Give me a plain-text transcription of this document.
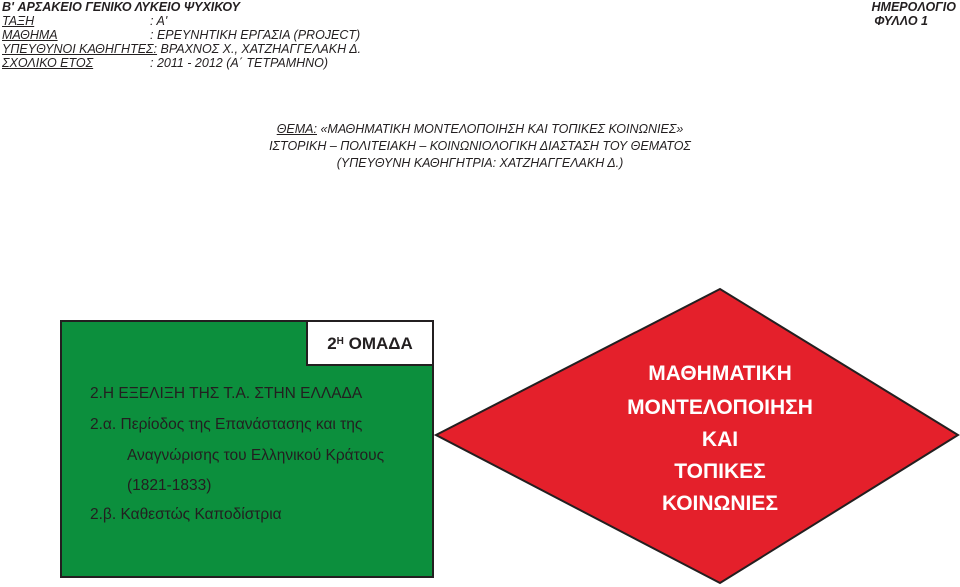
B' ΑΡΣΑΚΕΙΟ ΓΕΝΙΚΟ ΛΥΚΕΙΟ ΨΥΧΙΚΟΥ
ΤΑΞΗ	: A'
ΜΑΘΗΜΑ	: ΕΡΕΥΝΗΤΙΚΗ ΕΡΓΑΣΙΑ (PROJECT)
ΥΠΕΥΘΥΝΟΙ ΚΑΘΗΓΗΤΕΣ: ΒΡΑΧΝΟΣ Χ., ΧΑΤΖΗΑΓΓΕΛΑΚΗ Δ.
ΣΧΟΛΙΚΟ ΕΤΟΣ	: 2011 - 2012 (Α΄ ΤΕΤΡΑΜΗΝΟ)
ΗΜΕΡΟΛΟΓΙΟ
ΦΥΛΛΟ 1
ΘΕΜΑ: «ΜΑΘΗΜΑΤΙΚΗ ΜΟΝΤΕΛΟΠΟΙΗΣΗ ΚΑΙ ΤΟΠΙΚΕΣ ΚΟΙΝΩΝΙΕΣ»
ΙΣΤΟΡΙΚΗ – ΠΟΛΙΤΕΙΑΚΗ – ΚΟΙΝΩΝΙΟΛΟΓΙΚΗ ΔΙΑΣΤΑΣΗ ΤΟΥ ΘΕΜΑΤΟΣ
(ΥΠΕΥΘΥΝΗ ΚΑΘΗΓΗΤΡΙΑ: ΧΑΤΖΗΑΓΓΕΛΑΚΗ Δ.)
$2^H$ ΟΜΑΔΑ
2.Η ΕΞΕΛΙΞΗ ΤΗΣ Τ.Α. ΣΤΗΝ ΕΛΛΑΔΑ
2.α. Περίοδος της Επανάστασης και της
Αναγνώρισης του Ελληνικού Κράτους
(1821-1833)
2.β. Καθεστώς Καποδίστρια
ΜΑΘΗΜΑΤΙΚΗ
ΜΟΝΤΕΛΟΠΟΙΗΣΗ
ΚΑΙ
ΤΟΠΙΚΕΣ
ΚΟΙΝΩΝΙΕΣ
